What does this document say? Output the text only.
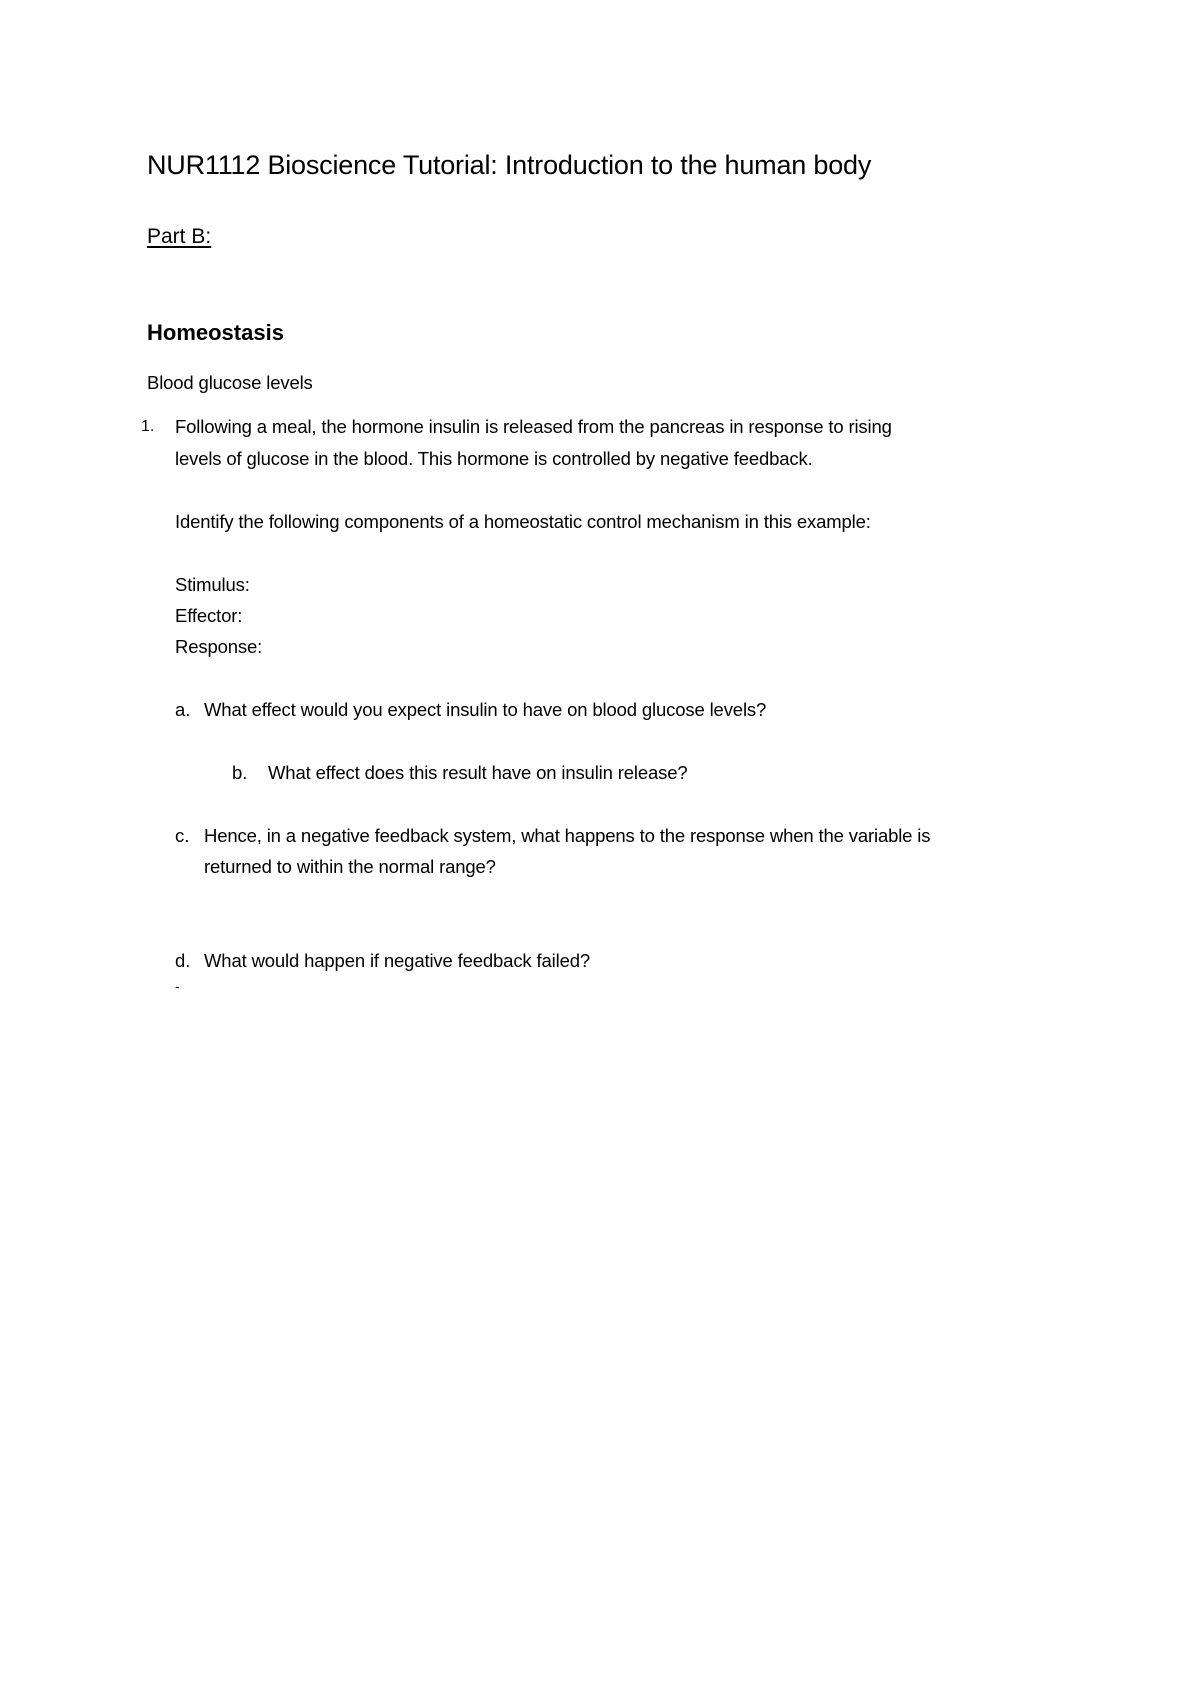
NUR1112 Bioscience Tutorial: Introduction to the human body
Part B:
Homeostasis
Blood glucose levels
1. Following a meal, the hormone insulin is released from the pancreas in response to rising
levels of glucose in the blood. This hormone is controlled by negative feedback.
Identify the following components of a homeostatic control mechanism in this example:
Stimulus:
Effector:
Response:
a. What effect would you expect insulin to have on blood glucose levels?
b. What effect does this result have on insulin release?
c. Hence, in a negative feedback system, what happens to the response when the variable is
returned to within the normal range?
d. What would happen if negative feedback failed?
-
